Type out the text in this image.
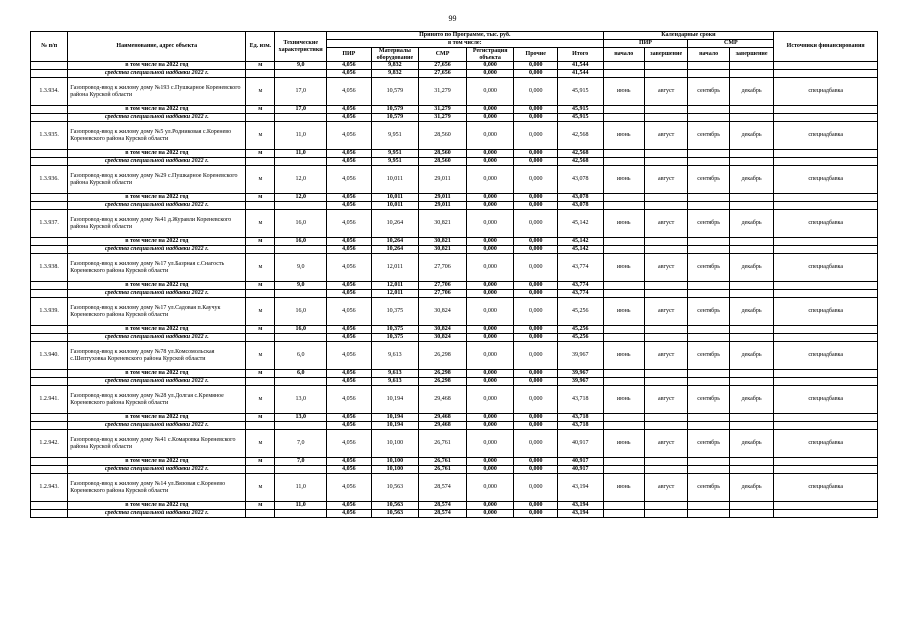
99
№ п/п	Наименование, адрес объекта	Ед. изм.	Технические характеристики	Принято по Программе, тыс. руб.						Календарные сроки				Источники финансирования
				в том числе:						ПИР		СМР		
				ПИР	Материалы оборудование	СМР	Регистрация объекта	Прочие	Итого	начало	завершение	начало	завершение	
	в том числе на 2022 год	м	9,0	4,056	9,832	27,656	0,000	0,000	41,544					
	средства специальной надбавки 2022 г.			4,056	9,832	27,656	0,000	0,000	41,544					
1.3.934.	Газопровод-ввод к жилому дому №193 с.Пушкарное Кореневского района Курской области	м	17,0	4,056	10,579	31,279	0,000	0,000	45,915	июнь	август	сентябрь	декабрь	спецнадбавка
	в том числе на 2022 год	м	17,0	4,056	10,579	31,279	0,000	0,000	45,915					
	средства специальной надбавки 2022 г.			4,056	10,579	31,279	0,000	0,000	45,915					
1.3.935.	Газопровод-ввод к жилому дому №5 ул.Родниковая с.Коренево Кореневского района Курской области	м	11,0	4,056	9,951	28,560	0,000	0,000	42,568	июнь	август	сентябрь	декабрь	спецнадбавка
	в том числе на 2022 год	м	11,0	4,056	9,951	28,560	0,000	0,000	42,568					
	средства специальной надбавки 2022 г.			4,056	9,951	28,560	0,000	0,000	42,568					
1.3.936.	Газопровод-ввод к жилому дому №29 с.Пушкарное Кореневского района Курской области	м	12,0	4,056	10,011	29,011	0,000	0,000	43,078	июнь	август	сентябрь	декабрь	спецнадбавка
	в том числе на 2022 год	м	12,0	4,056	10,011	29,011	0,000	0,000	43,078					
	средства специальной надбавки 2022 г.			4,056	10,011	29,011	0,000	0,000	43,078					
1.3.937.	Газопровод-ввод к жилому дому №41 д.Журавли Кореневского района Курской области	м	16,0	4,056	10,264	30,821	0,000	0,000	45,142	июнь	август	сентябрь	декабрь	спецнадбавка
	в том числе на 2022 год	м	16,0	4,056	10,264	30,821	0,000	0,000	45,142					
	средства специальной надбавки 2022 г.			4,056	10,264	30,821	0,000	0,000	45,142					
1.3.938.	Газопровод-ввод к жилому дому №17 ул.Базрная с.Снагость Кореневского района Курской области	м	9,0	4,056	12,011	27,706	0,000	0,000	43,774	июнь	август	сентябрь	декабрь	спецнадбавка
	в том числе на 2022 год	м	9,0	4,056	12,011	27,706	0,000	0,000	43,774					
	средства специальной надбавки 2022 г.			4,056	12,011	27,706	0,000	0,000	43,774					
1.3.939.	Газопровод-ввод к жилому дому №17 ул.Садовая п.Каучук Кореневского района Курской области	м	16,0	4,056	10,375	30,824	0,000	0,000	45,256	июнь	август	сентябрь	декабрь	спецнадбавка
	в том числе на 2022 год	м	16,0	4,056	10,375	30,824	0,000	0,000	45,256					
	средства специальной надбавки 2022 г.			4,056	10,375	30,824	0,000	0,000	45,256					
1.3.940.	Газопровод-ввод к жилому дому №78 ул.Комсомольская с.Шептуховка Кореневского района Курской области	м	6,0	4,056	9,613	26,298	0,000	0,000	39,967	июнь	август	сентябрь	декабрь	спецнадбавка
	в том числе на 2022 год	м	6,0	4,056	9,613	26,298	0,000	0,000	39,967					
	средства специальной надбавки 2022 г.			4,056	9,613	26,298	0,000	0,000	39,967					
1.2.941.	Газопровод-ввод к жилому дому №28 ул.Долгая с.Кремяное Кореневского района Курской области	м	13,0	4,056	10,194	29,468	0,000	0,000	43,718	июнь	август	сентябрь	декабрь	спецнадбавка
	в том числе на 2022 год	м	13,0	4,056	10,194	29,468	0,000	0,000	43,718					
	средства специальной надбавки 2022 г.			4,056	10,194	29,468	0,000	0,000	43,718					
1.2.942.	Газопровод-ввод к жилому дому №41 с.Комаровка Кореневского района Курской области	м	7,0	4,056	10,100	26,761	0,000	0,000	40,917	июнь	август	сентябрь	декабрь	спецнадбавка
	в том числе на 2022 год	м	7,0	4,056	10,100	26,761	0,000	0,000	40,917					
	средства специальной надбавки 2022 г.			4,056	10,100	26,761	0,000	0,000	40,917					
1.2.943.	Газопровод-ввод к жилому дому №14 ул.Вязовая с.Коренево Кореневского района Курской области	м	11,0	4,056	10,563	28,574	0,000	0,000	43,194	июнь	август	сентябрь	декабрь	спецнадбавка
	в том числе на 2022 год	м	11,0	4,056	10,563	28,574	0,000	0,000	43,194					
	средства специальной надбавки 2022 г.			4,056	10,563	28,574	0,000	0,000	43,194					
